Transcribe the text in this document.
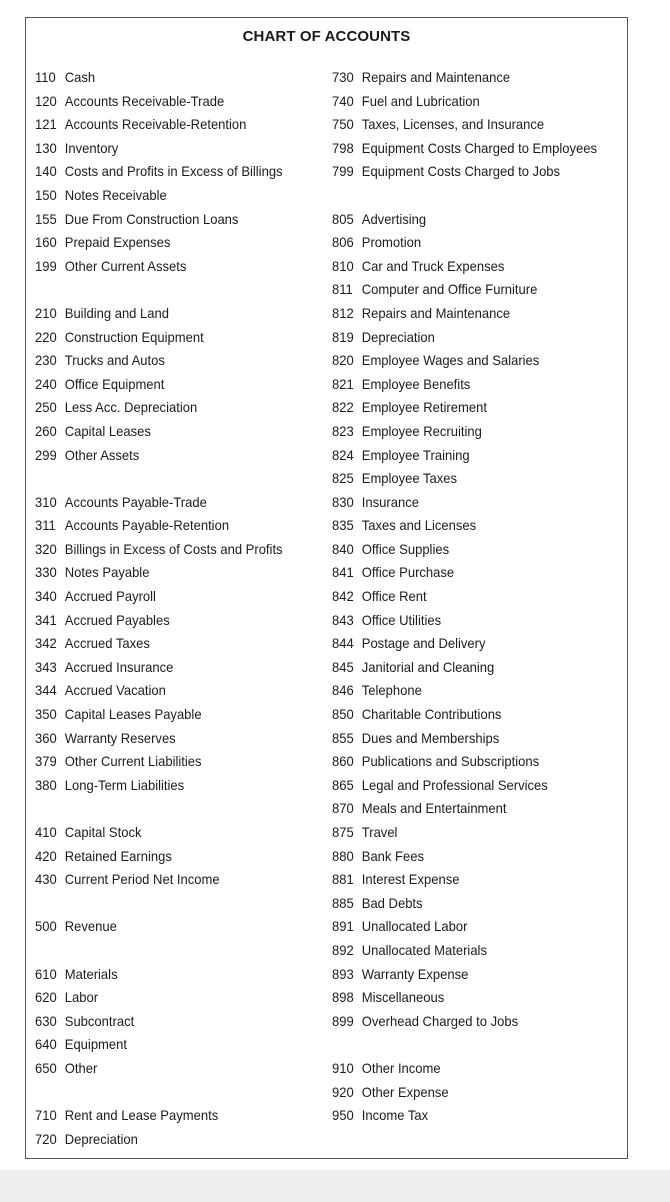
CHART OF ACCOUNTS
110 Cash
120 Accounts Receivable-Trade
121 Accounts Receivable-Retention
130 Inventory
140 Costs and Profits in Excess of Billings
150 Notes Receivable
155 Due From Construction Loans
160 Prepaid Expenses
199 Other Current Assets
210 Building and Land
220 Construction Equipment
230 Trucks and Autos
240 Office Equipment
250 Less Acc. Depreciation
260 Capital Leases
299 Other Assets
310 Accounts Payable-Trade
311 Accounts Payable-Retention
320 Billings in Excess of Costs and Profits
330 Notes Payable
340 Accrued Payroll
341 Accrued Payables
342 Accrued Taxes
343 Accrued Insurance
344 Accrued Vacation
350 Capital Leases Payable
360 Warranty Reserves
379 Other Current Liabilities
380 Long-Term Liabilities
410 Capital Stock
420 Retained Earnings
430 Current Period Net Income
500 Revenue
610 Materials
620 Labor
630 Subcontract
640 Equipment
650 Other
710 Rent and Lease Payments
720 Depreciation
730 Repairs and Maintenance
740 Fuel and Lubrication
750 Taxes, Licenses, and Insurance
798 Equipment Costs Charged to Employees
799 Equipment Costs Charged to Jobs
805 Advertising
806 Promotion
810 Car and Truck Expenses
811 Computer and Office Furniture
812 Repairs and Maintenance
819 Depreciation
820 Employee Wages and Salaries
821 Employee Benefits
822 Employee Retirement
823 Employee Recruiting
824 Employee Training
825 Employee Taxes
830 Insurance
835 Taxes and Licenses
840 Office Supplies
841 Office Purchase
842 Office Rent
843 Office Utilities
844 Postage and Delivery
845 Janitorial and Cleaning
846 Telephone
850 Charitable Contributions
855 Dues and Memberships
860 Publications and Subscriptions
865 Legal and Professional Services
870 Meals and Entertainment
875 Travel
880 Bank Fees
881 Interest Expense
885 Bad Debts
891 Unallocated Labor
892 Unallocated Materials
893 Warranty Expense
898 Miscellaneous
899 Overhead Charged to Jobs
910 Other Income
920 Other Expense
950 Income Tax
